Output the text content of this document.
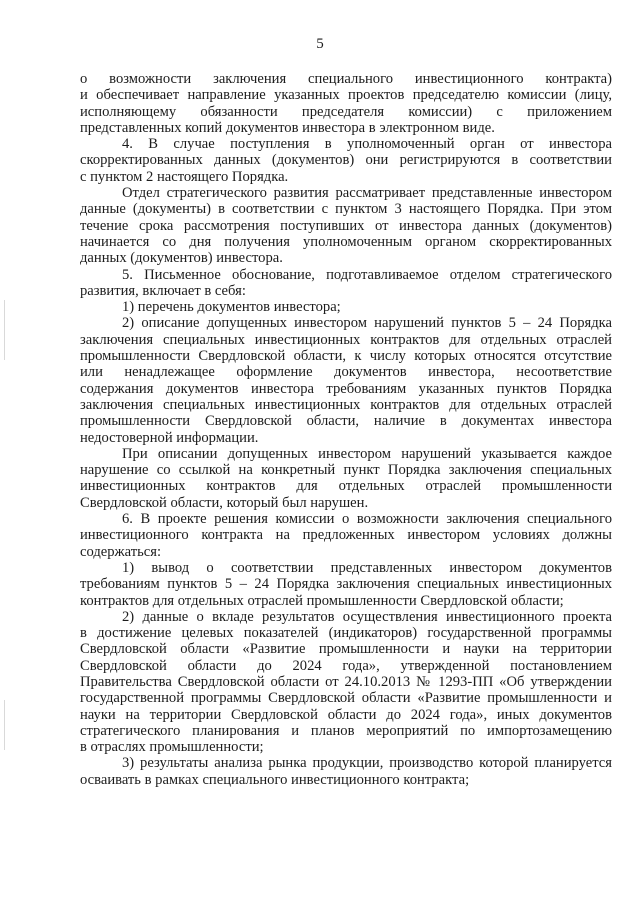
5

о возможности заключения специального инвестиционного контракта)

и обеспечивает направление указанных проектов председателю комиссии (лицу,

исполняющему обязанности председателя комиссии) с приложением

представленных копий документов инвестора в электронном виде.

4. В случае поступления в уполномоченный орган от инвестора

скорректированных данных (документов) они регистрируются в соответствии

с пунктом 2 настоящего Порядка.

Отдел стратегического развития рассматривает представленные инвестором

данные (документы) в соответствии с пунктом 3 настоящего Порядка. При этом

течение срока рассмотрения поступивших от инвестора данных (документов)

начинается со дня получения уполномоченным органом скорректированных

данных (документов) инвестора.

5. Письменное обоснование, подготавливаемое отделом стратегического

развития, включает в себя:

1) перечень документов инвестора;

2) описание допущенных инвестором нарушений пунктов 5 – 24 Порядка

заключения специальных инвестиционных контрактов для отдельных отраслей

промышленности Свердловской области, к числу которых относятся отсутствие

или ненадлежащее оформление документов инвестора, несоответствие

содержания документов инвестора требованиям указанных пунктов Порядка

заключения специальных инвестиционных контрактов для отдельных отраслей

промышленности Свердловской области, наличие в документах инвестора

недостоверной информации.

При описании допущенных инвестором нарушений указывается каждое

нарушение со ссылкой на конкретный пункт Порядка заключения специальных

инвестиционных контрактов для отдельных отраслей промышленности

Свердловской области, который был нарушен.

6. В проекте решения комиссии о возможности заключения специального

инвестиционного контракта на предложенных инвестором условиях должны

содержаться:

1) вывод о соответствии представленных инвестором документов

требованиям пунктов 5 – 24 Порядка заключения специальных инвестиционных

контрактов для отдельных отраслей промышленности Свердловской области;

2) данные о вкладе результатов осуществления инвестиционного проекта

в достижение целевых показателей (индикаторов) государственной программы

Свердловской области «Развитие промышленности и науки на территории

Свердловской области до 2024 года», утвержденной постановлением

Правительства Свердловской области от 24.10.2013 № 1293-ПП «Об утверждении

государственной программы Свердловской области «Развитие промышленности и

науки на территории Свердловской области до 2024 года», иных документов

стратегического планирования и планов мероприятий по импортозамещению

в отраслях промышленности;

3) результаты анализа рынка продукции, производство которой планируется

осваивать в рамках специального инвестиционного контракта;
